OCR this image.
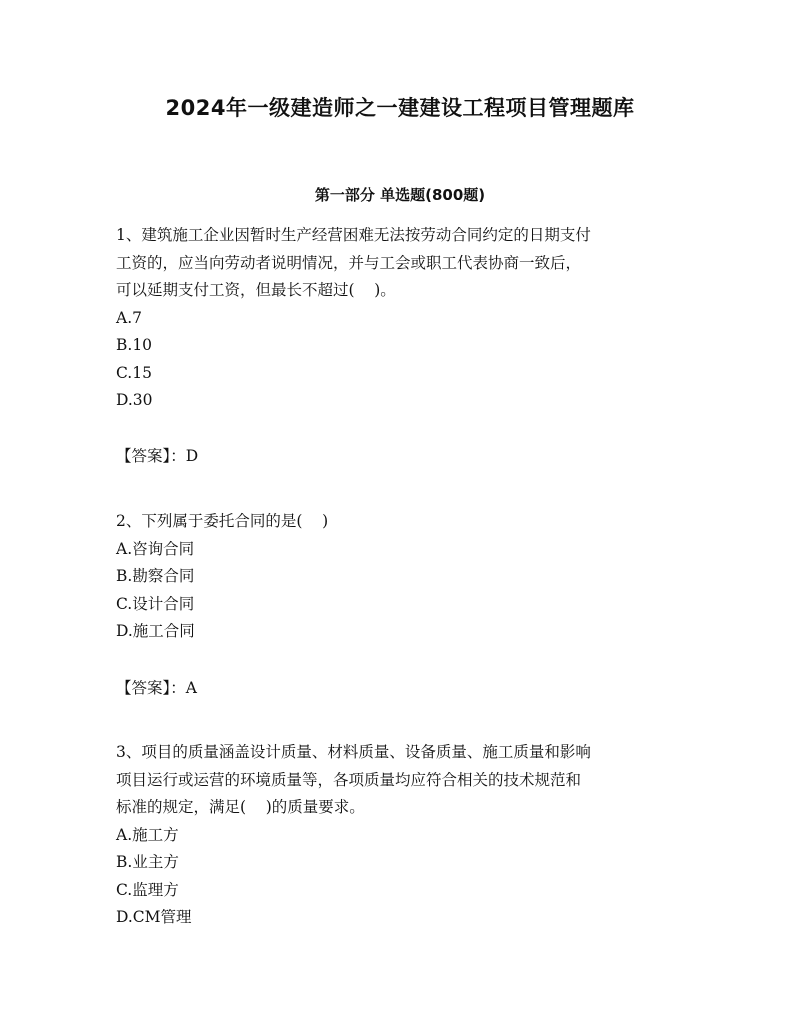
2024年一级建造师之一建建设工程项目管理题库
第一部分 单选题(800题)

1、建筑施工企业因暂时生产经营困难无法按劳动合同约定的日期支付

工资的，应当向劳动者说明情况，并与工会或职工代表协商一致后，

可以延期支付工资，但最长不超过(    )。

A.7

B.10

C.15

D.30

【答案】：D

2、下列属于委托合同的是(    )

A.咨询合同

B.勘察合同

C.设计合同

D.施工合同

【答案】：A

3、项目的质量涵盖设计质量、材料质量、设备质量、施工质量和影响

项目运行或运营的环境质量等，各项质量均应符合相关的技术规范和

标准的规定，满足(    )的质量要求。

A.施工方

B.业主方

C.监理方

D.CM管理
